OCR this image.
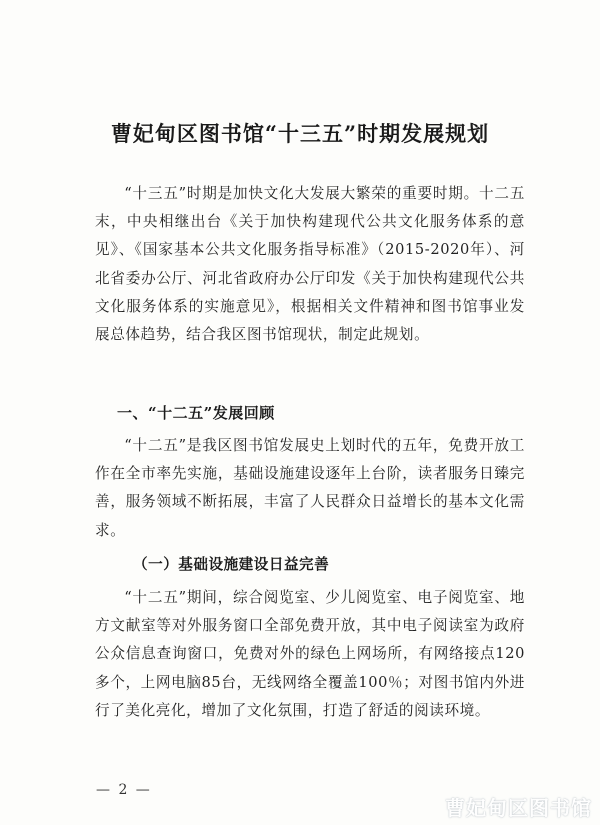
曹妃甸区图书馆“十三五”时期发展规划
“十三五”时期是加快文化大发展大繁荣的重要时期。十二五末，中央相继出台《关于加快构建现代公共文化服务体系的意见》、《国家基本公共文化服务指导标准》（2015-2020年）、河北省委办公厅、河北省政府办公厅印发《关于加快构建现代公共文化服务体系的实施意见》，根据相关文件精神和图书馆事业发展总体趋势，结合我区图书馆现状，制定此规划。
一、“十二五”发展回顾
“十二五”是我区图书馆发展史上划时代的五年，免费开放工作在全市率先实施，基础设施建设逐年上台阶，读者服务日臻完善，服务领域不断拓展，丰富了人民群众日益增长的基本文化需求。
（一）基础设施建设日益完善
“十二五”期间，综合阅览室、少儿阅览室、电子阅览室、地方文献室等对外服务窗口全部免费开放，其中电子阅读室为政府公众信息查询窗口，免费对外的绿色上网场所，有网络接点120多个，上网电脑85台，无线网络全覆盖100％；对图书馆内外进行了美化亮化，增加了文化氛围，打造了舒适的阅读环境。
— 2 —
曹妃甸区图书馆
